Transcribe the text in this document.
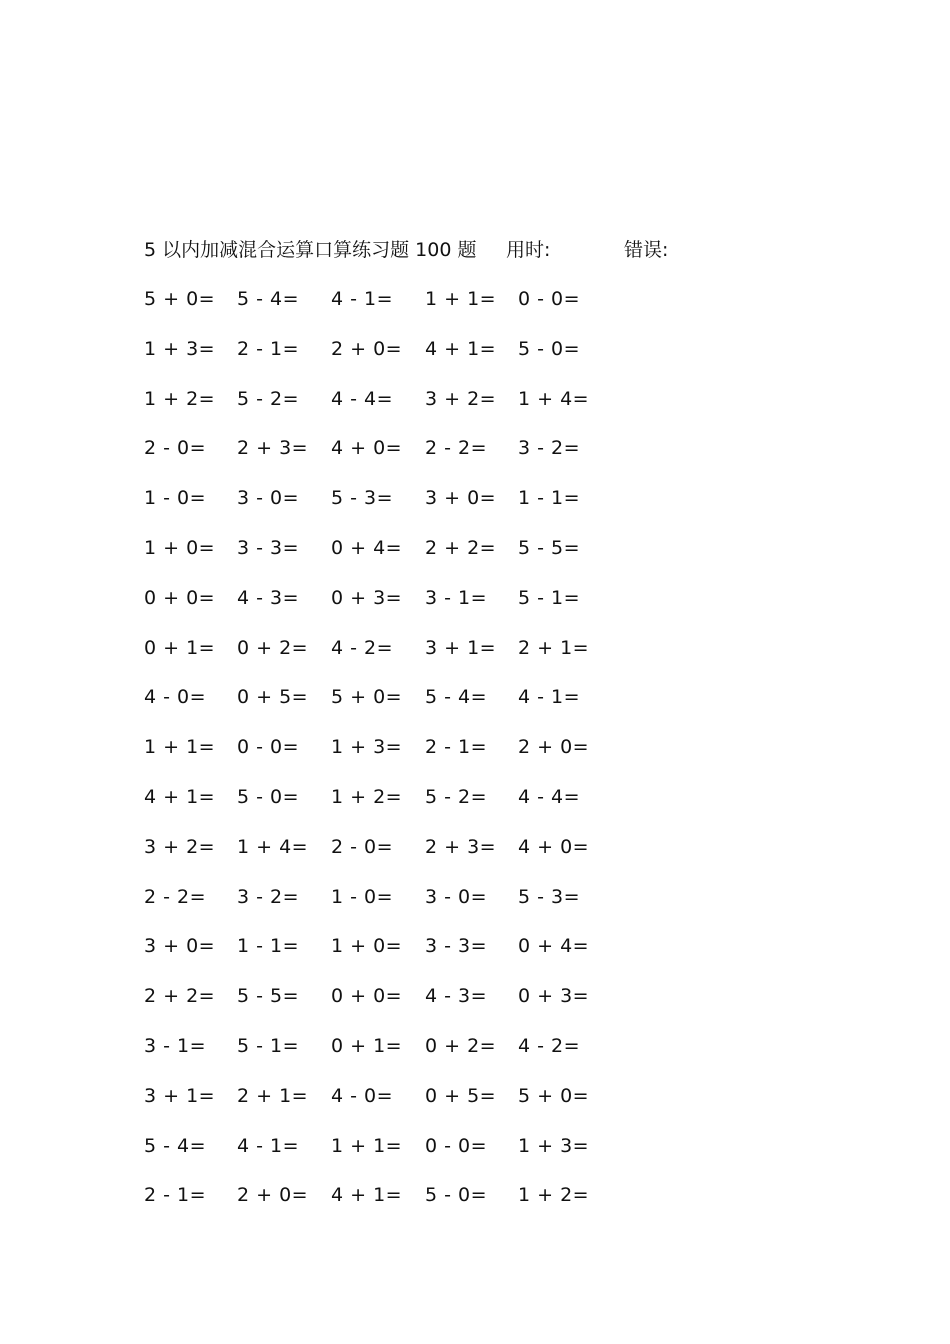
5 以内加减混合运算口算练习题 100 题 用时:	错误:
5 + 0= 5 - 4= 4 - 1= 1 + 1= 0 - 0=
1 + 3= 2 - 1= 2 + 0= 4 + 1= 5 - 0=
1 + 2= 5 - 2= 4 - 4= 3 + 2= 1 + 4=
2 - 0= 2 + 3= 4 + 0= 2 - 2= 3 - 2=
1 - 0= 3 - 0= 5 - 3= 3 + 0= 1 - 1=
1 + 0= 3 - 3= 0 + 4= 2 + 2= 5 - 5=
0 + 0= 4 - 3= 0 + 3= 3 - 1= 5 - 1=
0 + 1= 0 + 2= 4 - 2= 3 + 1= 2 + 1=
4 - 0= 0 + 5= 5 + 0= 5 - 4= 4 - 1=
1 + 1= 0 - 0= 1 + 3= 2 - 1= 2 + 0=
4 + 1= 5 - 0= 1 + 2= 5 - 2= 4 - 4=
3 + 2= 1 + 4= 2 - 0= 2 + 3= 4 + 0=
2 - 2= 3 - 2= 1 - 0= 3 - 0= 5 - 3=
3 + 0= 1 - 1= 1 + 0= 3 - 3= 0 + 4=
2 + 2= 5 - 5= 0 + 0= 4 - 3= 0 + 3=
3 - 1= 5 - 1= 0 + 1= 0 + 2= 4 - 2=
3 + 1= 2 + 1= 4 - 0= 0 + 5= 5 + 0=
5 - 4= 4 - 1= 1 + 1= 0 - 0= 1 + 3=
2 - 1= 2 + 0= 4 + 1= 5 - 0= 1 + 2=
